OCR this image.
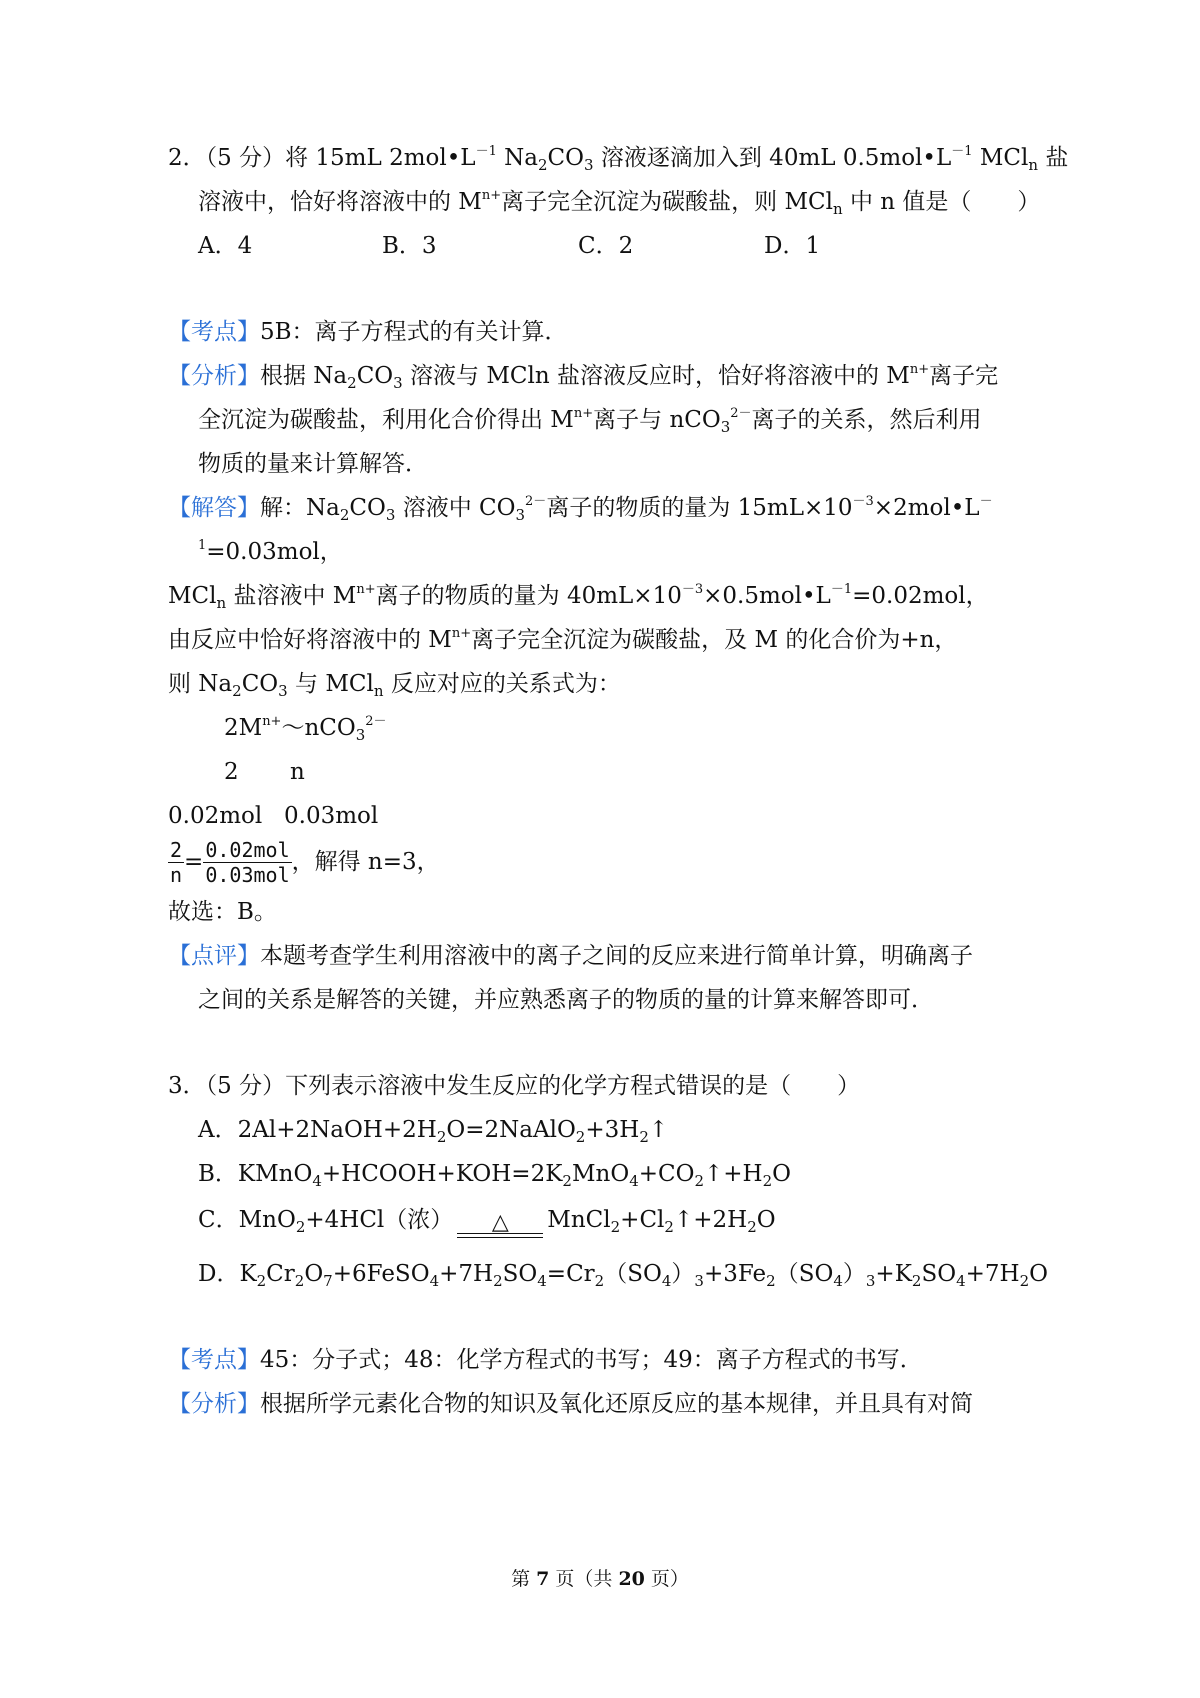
2．（5 分）将 15mL $2mol•L^{-1}$ $Na_2CO_3$ 溶液逐滴加入到 40mL $0.5mol•L^{-1}$ MCl$_n$ 盐
溶液中，恰好将溶液中的 $M^{n+}$离子完全沉淀为碳酸盐，则 MCl$_n$ 中 n 值是（　　）
A．4	B．3	C．2	D．1
【考点】5B：离子方程式的有关计算．
【分析】根据 $Na_2CO_3$ 溶液与 MCln 盐溶液反应时，恰好将溶液中的 $M^{n+}$离子完
全沉淀为碳酸盐，利用化合价得出 $M^{n+}$离子与 nCO$_3^{2-}$离子的关系，然后利用
物质的量来计算解答．
【解答】解：$Na_2CO_3$ 溶液中 $CO_3^{2-}$离子的物质的量为 $15mL\times 10^{-3}\times 2mol•L^-$
$^1$=0.03mol，
MCl$_n$ 盐溶液中 $M^{n+}$离子的物质的量为 $40mL\times 10^{-3}\times 0.5mol•L^{-1}=0.02mol$，
由反应中恰好将溶液中的 $M^{n+}$离子完全沉淀为碳酸盐，及 M 的化合价为+n，
则 $Na_2CO_3$ 与 MCl$_n$ 反应对应的关系式为：
$2M^{n+}\sim nCO_3^{2-}$
2 n
0.02mol 0.03mol
$\frac{2}{n} = \frac{\text{0.02mol}}{\text{0.03mol}}$ ，解得 n=3，
故选：B。
【点评】本题考查学生利用溶液中的离子之间的反应来进行简单计算，明确离子
之间的关系是解答的关键，并应熟悉离子的物质的量的计算来解答即可．
3．（5 分）下列表示溶液中发生反应的化学方程式错误的是（　　）
A．$2Al+2NaOH+2H_2O=2NaAlO_2+3H_2↑$
B．$KMnO_4+HCOOH+KOH=2K_2MnO_4+CO_2↑+H_2O$
C．MnO$_2$+4HCl（浓） △ $MnCl_2+Cl_2↑+2H_2O$
D．$K_2Cr_2O_7+6FeSO_4+7H_2SO_4=Cr_2(SO_4)_3+3Fe_2(SO_4)_3+K_2SO_4+7H_2O$
【考点】45：分子式；48：化学方程式的书写；49：离子方程式的书写．
【分析】根据所学元素化合物的知识及氧化还原反应的基本规律，并且具有对简
第 7 页（共 20 页）
